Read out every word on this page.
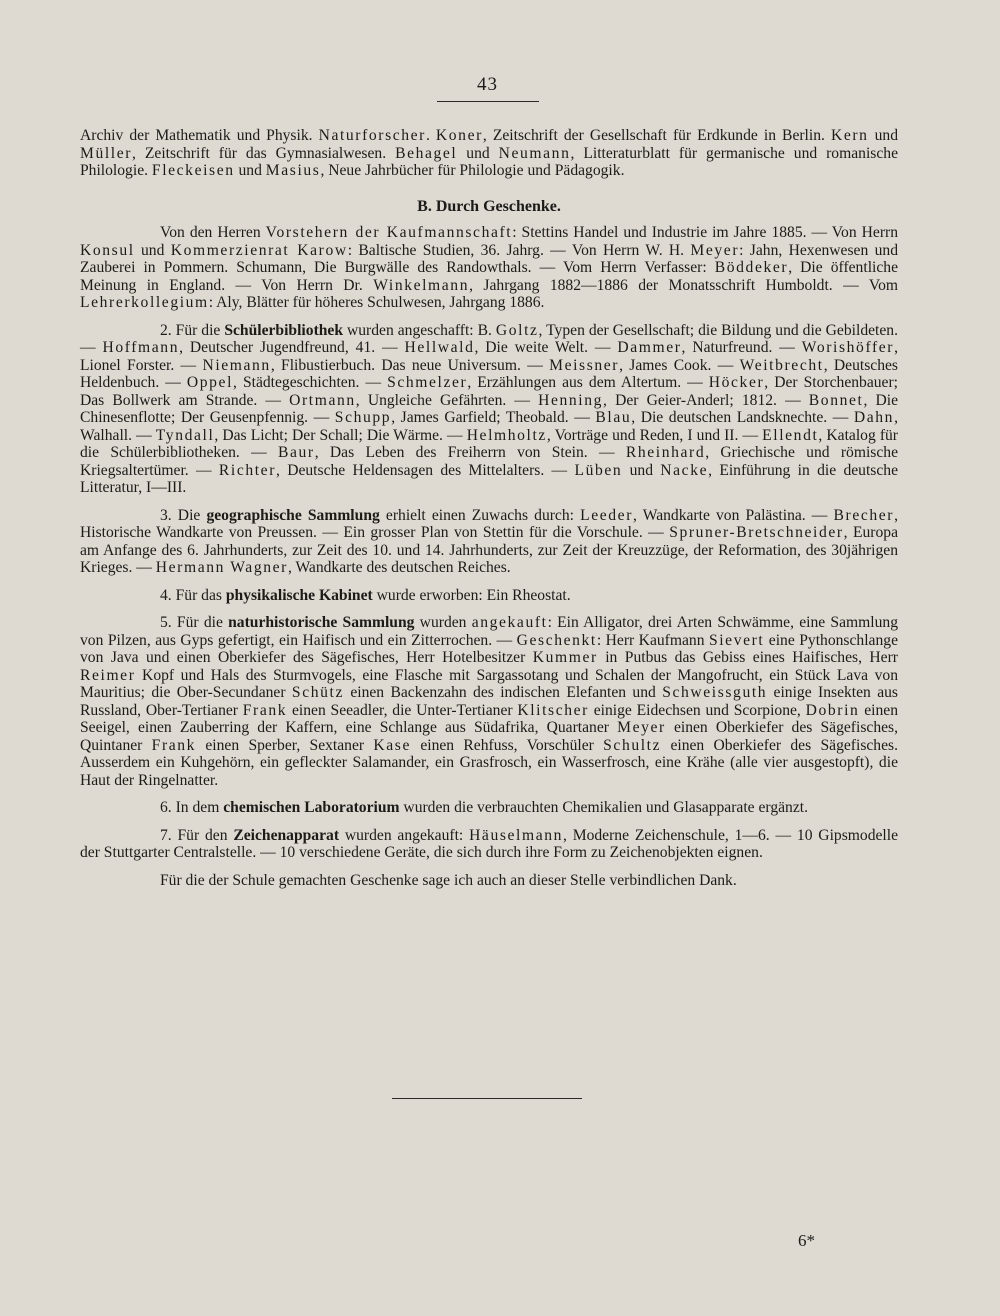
43

Archiv der Mathematik und Physik. Naturforscher. Koner, Zeitschrift der Gesellschaft für Erdkunde in Berlin. Kern und Müller, Zeitschrift für das Gymnasialwesen. Behagel und Neumann, Litteraturblatt für germanische und romanische Philologie. Fleckeisen und Masius, Neue Jahrbücher für Philologie und Pädagogik.

B. Durch Geschenke.

Von den Herren Vorstehern der Kaufmannschaft: Stettins Handel und Industrie im Jahre 1885. — Von Herrn Konsul und Kommerzienrat Karow: Baltische Studien, 36. Jahrg. — Von Herrn W. H. Meyer: Jahn, Hexenwesen und Zauberei in Pommern. Schumann, Die Burgwälle des Randowthals. — Vom Herrn Verfasser: Böddeker, Die öffentliche Meinung in England. — Von Herrn Dr. Winkelmann, Jahrgang 1882—1886 der Monatsschrift Humboldt. — Vom Lehrerkollegium: Aly, Blätter für höheres Schulwesen, Jahrgang 1886.

2. Für die Schülerbibliothek wurden angeschafft: B. Goltz, Typen der Gesellschaft; die Bildung und die Gebildeten. — Hoffmann, Deutscher Jugendfreund, 41. — Hellwald, Die weite Welt. — Dammer, Naturfreund. — Worishöffer, Lionel Forster. — Niemann, Flibustierbuch. Das neue Universum. — Meissner, James Cook. — Weitbrecht, Deutsches Heldenbuch. — Oppel, Städtegeschichten. — Schmelzer, Erzählungen aus dem Altertum. — Höcker, Der Storchenbauer; Das Bollwerk am Strande. — Ortmann, Ungleiche Gefährten. — Henning, Der Geier-Anderl; 1812. — Bonnet, Die Chinesenflotte; Der Geusenpfennig. — Schupp, James Garfield; Theobald. — Blau, Die deutschen Landsknechte. — Dahn, Walhall. — Tyndall, Das Licht; Der Schall; Die Wärme. — Helmholtz, Vorträge und Reden, I und II. — Ellendt, Katalog für die Schülerbibliotheken. — Baur, Das Leben des Freiherrn von Stein. — Rheinhard, Griechische und römische Kriegsaltertümer. — Richter, Deutsche Heldensagen des Mittelalters. — Lüben und Nacke, Einführung in die deutsche Litteratur, I—III.

3. Die geographische Sammlung erhielt einen Zuwachs durch: Leeder, Wandkarte von Palästina. — Brecher, Historische Wandkarte von Preussen. — Ein grosser Plan von Stettin für die Vorschule. — Spruner-Bretschneider, Europa am Anfange des 6. Jahrhunderts, zur Zeit des 10. und 14. Jahrhunderts, zur Zeit der Kreuzzüge, der Reformation, des 30jährigen Krieges. — Hermann Wagner, Wandkarte des deutschen Reiches.

4. Für das physikalische Kabinet wurde erworben: Ein Rheostat.

5. Für die naturhistorische Sammlung wurden angekauft: Ein Alligator, drei Arten Schwämme, eine Sammlung von Pilzen, aus Gyps gefertigt, ein Haifisch und ein Zitterrochen. — Geschenkt: Herr Kaufmann Sievert eine Pythonschlange von Java und einen Oberkiefer des Sägefisches, Herr Hotelbesitzer Kummer in Putbus das Gebiss eines Haifisches, Herr Reimer Kopf und Hals des Sturmvogels, eine Flasche mit Sargassotang und Schalen der Mangofrucht, ein Stück Lava von Mauritius; die Ober-Secundaner Schütz einen Backenzahn des indischen Elefanten und Schweissguth einige Insekten aus Russland, Ober-Tertianer Frank einen Seeadler, die Unter-Tertianer Klitscher einige Eidechsen und Scorpione, Dobrin einen Seeigel, einen Zauberring der Kaffern, eine Schlange aus Südafrika, Quartaner Meyer einen Oberkiefer des Sägefisches, Quintaner Frank einen Sperber, Sextaner Kase einen Rehfuss, Vorschüler Schultz einen Oberkiefer des Sägefisches. Ausserdem ein Kuhgehörn, ein gefleckter Salamander, ein Grasfrosch, ein Wasserfrosch, eine Krähe (alle vier ausgestopft), die Haut der Ringelnatter.

6. In dem chemischen Laboratorium wurden die verbrauchten Chemikalien und Glasapparate ergänzt.

7. Für den Zeichenapparat wurden angekauft: Häuselmann, Moderne Zeichenschule, 1—6. — 10 Gipsmodelle der Stuttgarter Centralstelle. — 10 verschiedene Geräte, die sich durch ihre Form zu Zeichenobjekten eignen.

Für die der Schule gemachten Geschenke sage ich auch an dieser Stelle verbindlichen Dank.

6*
